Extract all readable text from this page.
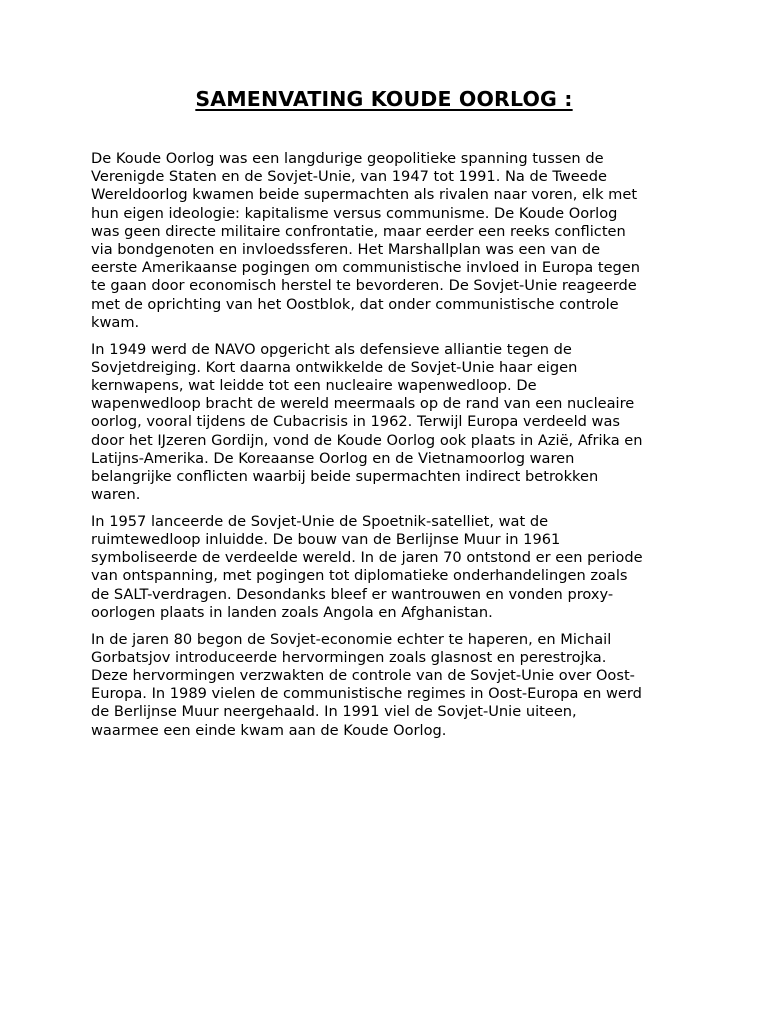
SAMENVATING KOUDE OORLOG :

De Koude Oorlog was een langdurige geopolitieke spanning tussen de
Verenigde Staten en de Sovjet-Unie, van 1947 tot 1991. Na de Tweede
Wereldoorlog kwamen beide supermachten als rivalen naar voren, elk met
hun eigen ideologie: kapitalisme versus communisme. De Koude Oorlog
was geen directe militaire confrontatie, maar eerder een reeks conflicten
via bondgenoten en invloedssferen. Het Marshallplan was een van de
eerste Amerikaanse pogingen om communistische invloed in Europa tegen
te gaan door economisch herstel te bevorderen. De Sovjet-Unie reageerde
met de oprichting van het Oostblok, dat onder communistische controle
kwam.

In 1949 werd de NAVO opgericht als defensieve alliantie tegen de
Sovjetdreiging. Kort daarna ontwikkelde de Sovjet-Unie haar eigen
kernwapens, wat leidde tot een nucleaire wapenwedloop. De
wapenwedloop bracht de wereld meermaals op de rand van een nucleaire
oorlog, vooral tijdens de Cubacrisis in 1962. Terwijl Europa verdeeld was
door het IJzeren Gordijn, vond de Koude Oorlog ook plaats in Azië, Afrika en
Latijns-Amerika. De Koreaanse Oorlog en de Vietnamoorlog waren
belangrijke conflicten waarbij beide supermachten indirect betrokken
waren.

In 1957 lanceerde de Sovjet-Unie de Spoetnik-satelliet, wat de
ruimtewedloop inluidde. De bouw van de Berlijnse Muur in 1961
symboliseerde de verdeelde wereld. In de jaren 70 ontstond er een periode
van ontspanning, met pogingen tot diplomatieke onderhandelingen zoals
de SALT-verdragen. Desondanks bleef er wantrouwen en vonden proxy-
oorlogen plaats in landen zoals Angola en Afghanistan.

In de jaren 80 begon de Sovjet-economie echter te haperen, en Michail
Gorbatsjov introduceerde hervormingen zoals glasnost en perestrojka.
Deze hervormingen verzwakten de controle van de Sovjet-Unie over Oost-
Europa. In 1989 vielen de communistische regimes in Oost-Europa en werd
de Berlijnse Muur neergehaald. In 1991 viel de Sovjet-Unie uiteen,
waarmee een einde kwam aan de Koude Oorlog.
